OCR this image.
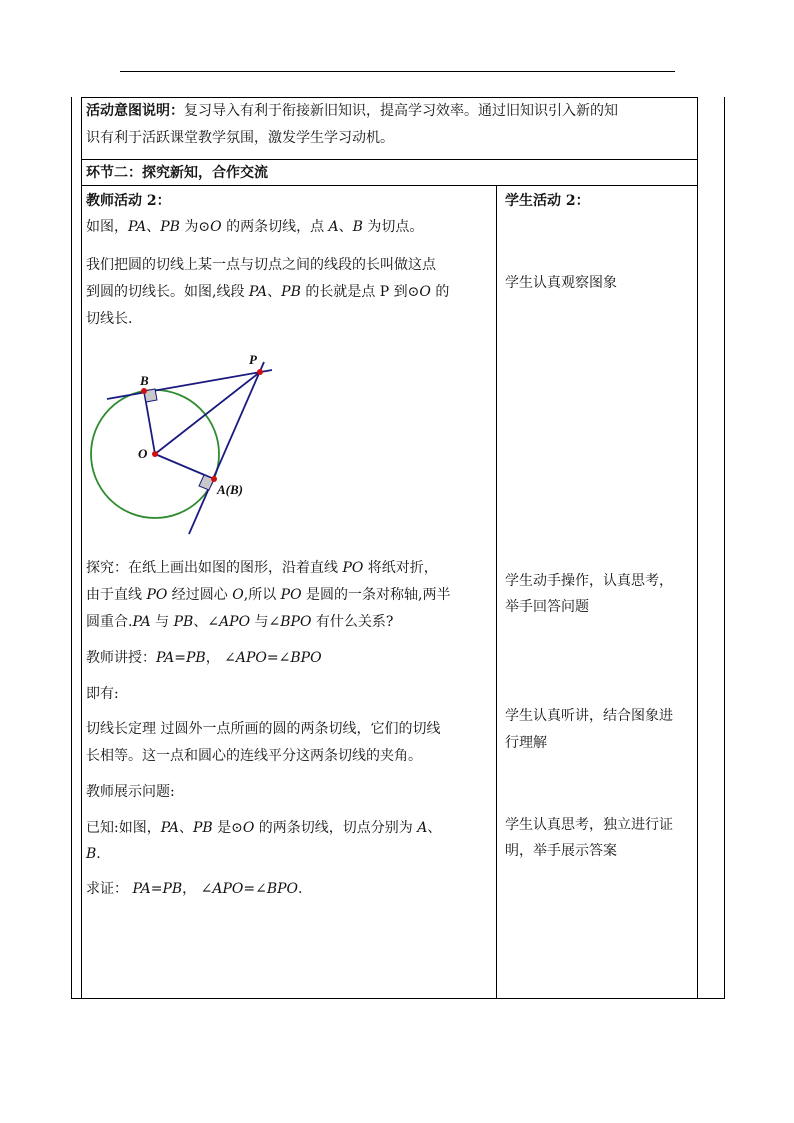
活动意图说明：复习导入有利于衔接新旧知识，提高学习效率。通过旧知识引入新的知
识有利于活跃课堂教学氛围，激发学生学习动机。
环节二：探究新知，合作交流
教师活动 2：
如图，PA、PB 为⊙O 的两条切线，点 A、B 为切点。
我们把圆的切线上某一点与切点之间的线段的长叫做这点
到圆的切线长。如图,线段 PA、PB 的长就是点 P 到⊙O 的
切线长.
P
B
O
A(B)
探究：在纸上画出如图的图形，沿着直线 PO 将纸对折，
由于直线 PO 经过圆心 O,所以 PO 是圆的一条对称轴,两半
圆重合.PA 与 PB、∠APO 与∠BPO 有什么关系?
教师讲授：PA=PB， ∠APO=∠BPO
即有:
切线长定理 过圆外一点所画的圆的两条切线，它们的切线
长相等。这一点和圆心的连线平分这两条切线的夹角。
教师展示问题:
已知:如图，PA、PB 是⊙O 的两条切线，切点分别为 A、
B.
求证： PA=PB， ∠APO=∠BPO.
学生活动 2：
学生认真观察图象
学生动手操作，认真思考，
举手回答问题
学生认真听讲，结合图象进
行理解
学生认真思考，独立进行证
明，举手展示答案
